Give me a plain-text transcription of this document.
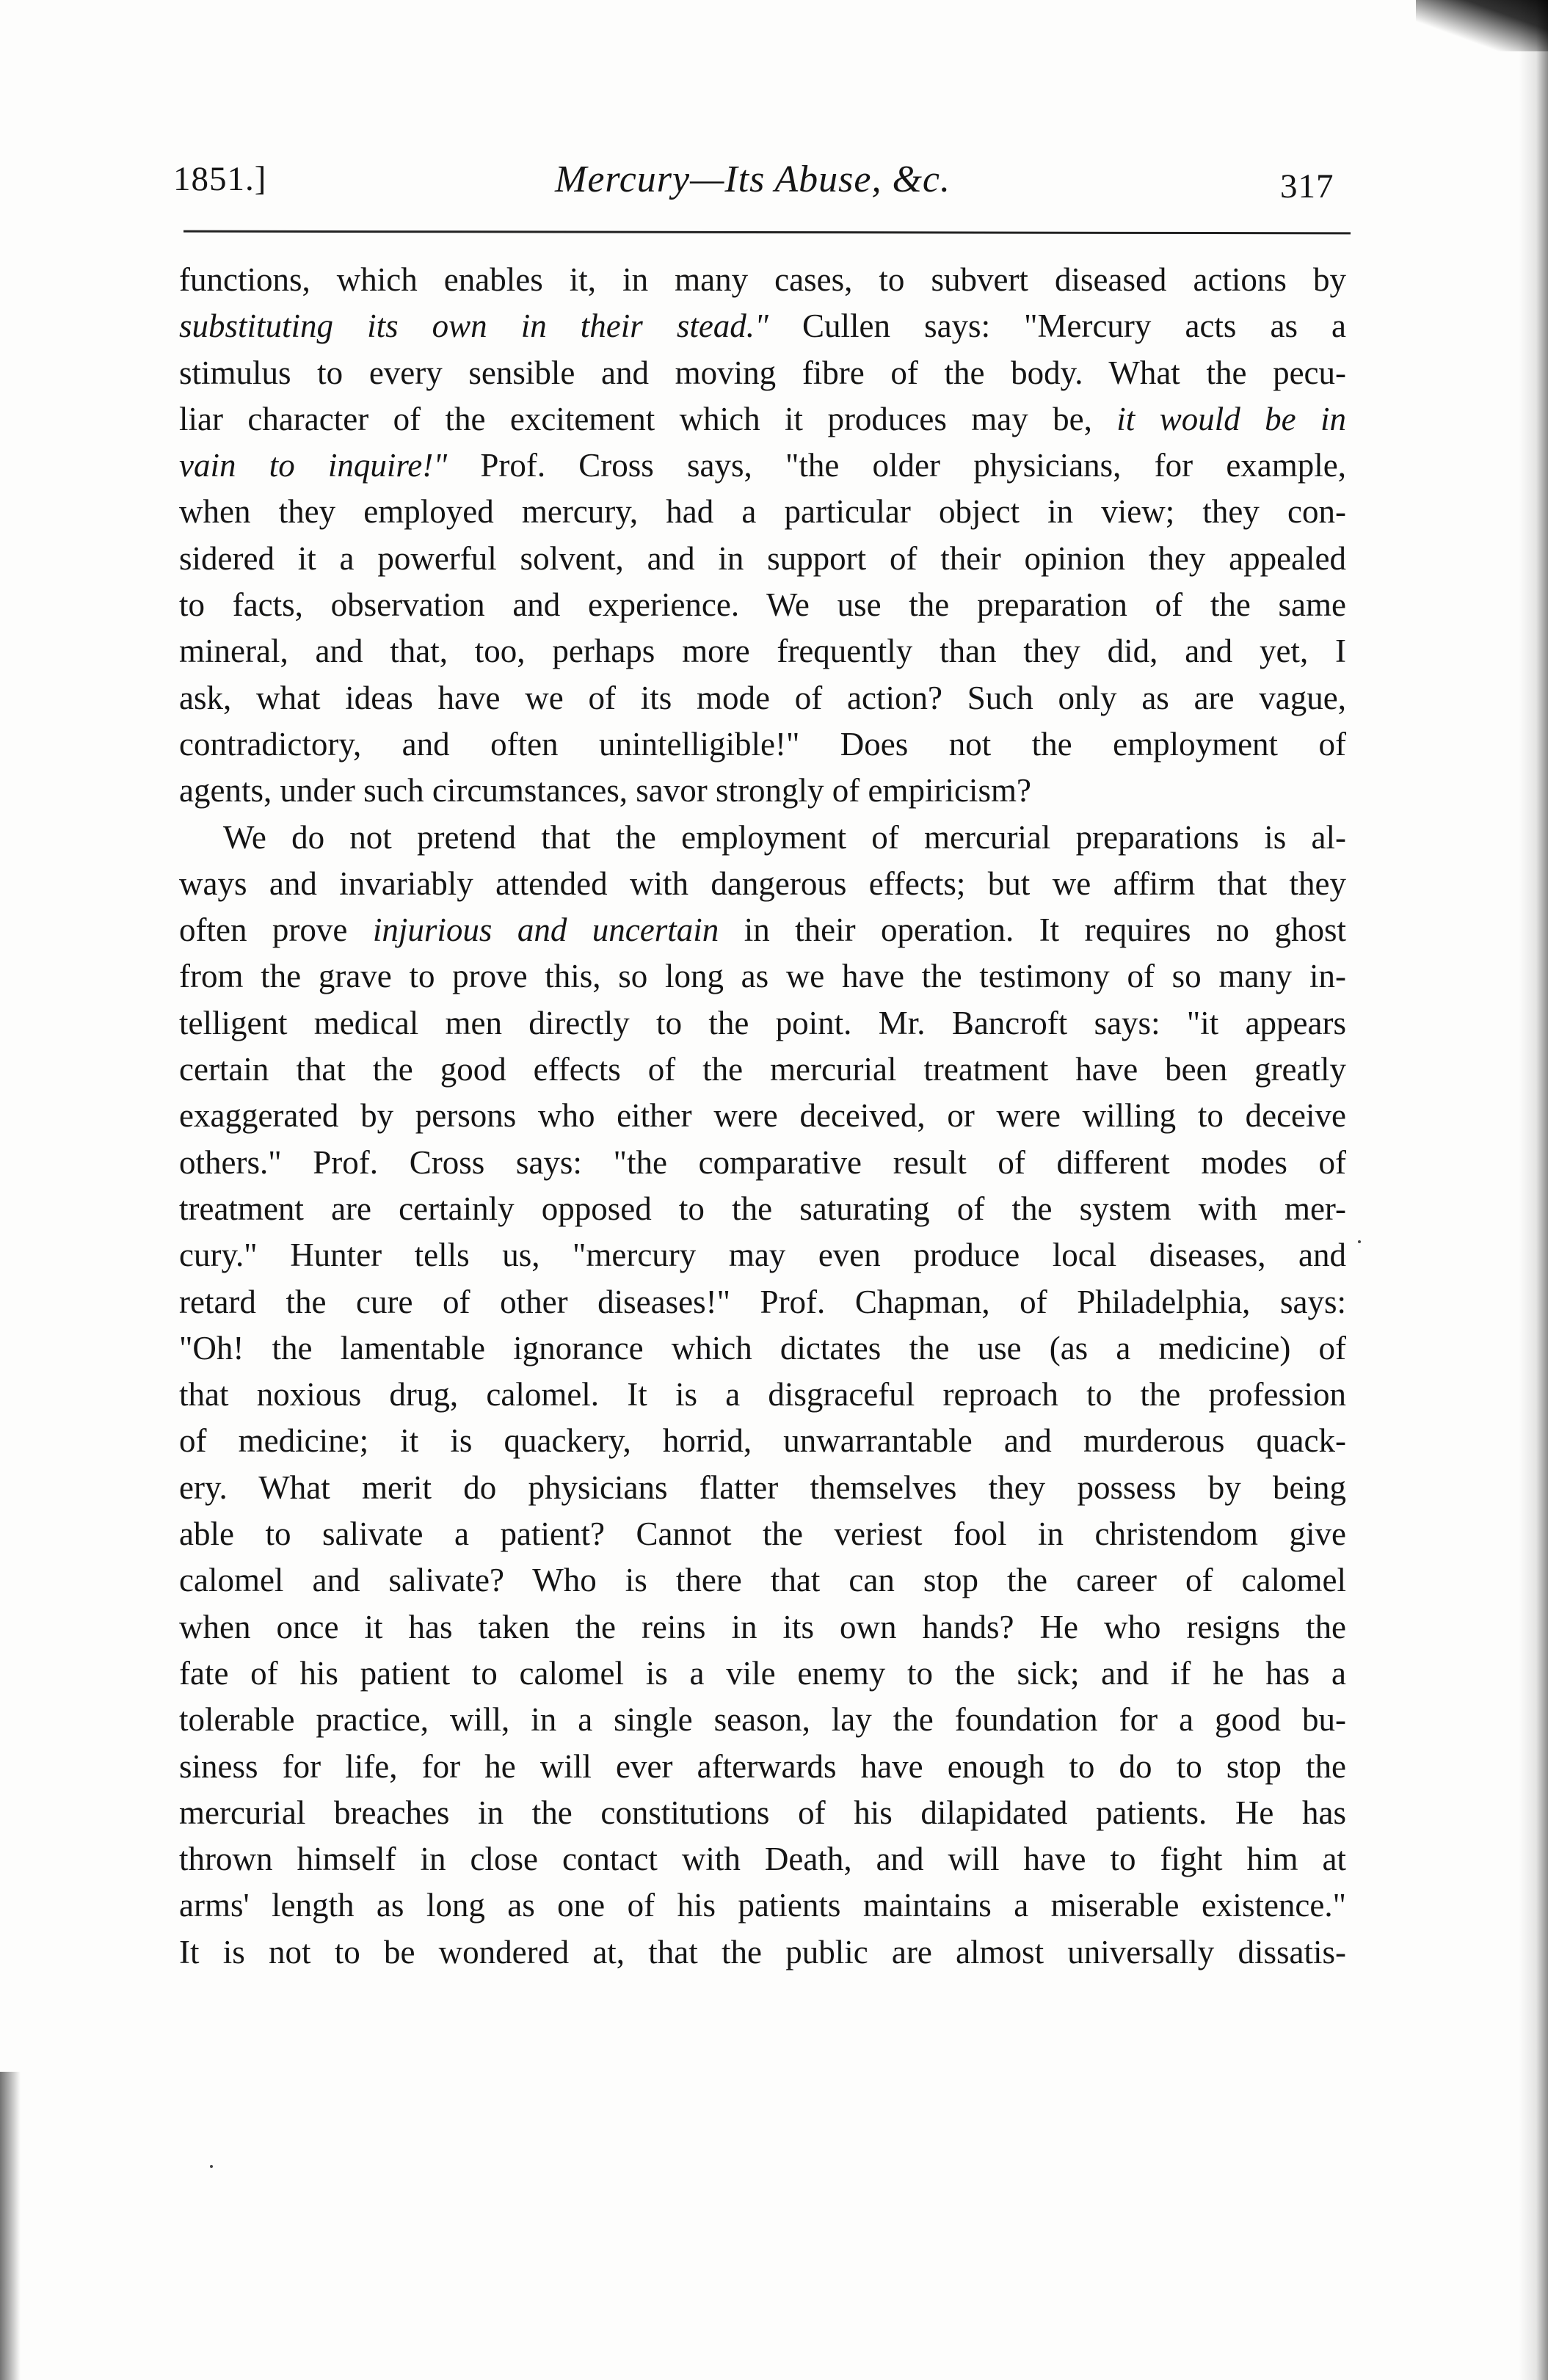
1851.]	Mercury—Its Abuse, &c.	317
functions, which enables it, in many cases, to subvert diseased actions by
substituting its own in their stead." Cullen says: "Mercury acts as a
stimulus to every sensible and moving fibre of the body. What the pecu-
liar character of the excitement which it produces may be, it would be in
vain to inquire!" Prof. Cross says, "the older physicians, for example,
when they employed mercury, had a particular object in view; they con-
sidered it a powerful solvent, and in support of their opinion they appealed
to facts, observation and experience. We use the preparation of the same
mineral, and that, too, perhaps more frequently than they did, and yet, I
ask, what ideas have we of its mode of action? Such only as are vague,
contradictory, and often unintelligible!" Does not the employment of
agents, under such circumstances, savor strongly of empiricism?
We do not pretend that the employment of mercurial preparations is al-
ways and invariably attended with dangerous effects; but we affirm that they
often prove injurious and uncertain in their operation. It requires no ghost
from the grave to prove this, so long as we have the testimony of so many in-
telligent medical men directly to the point. Mr. Bancroft says: "it appears
certain that the good effects of the mercurial treatment have been greatly
exaggerated by persons who either were deceived, or were willing to deceive
others." Prof. Cross says: "the comparative result of different modes of
treatment are certainly opposed to the saturating of the system with mer-
cury." Hunter tells us, "mercury may even produce local diseases, and
retard the cure of other diseases!" Prof. Chapman, of Philadelphia, says:
"Oh! the lamentable ignorance which dictates the use (as a medicine) of
that noxious drug, calomel. It is a disgraceful reproach to the profession
of medicine; it is quackery, horrid, unwarrantable and murderous quack-
ery. What merit do physicians flatter themselves they possess by being
able to salivate a patient? Cannot the veriest fool in christendom give
calomel and salivate? Who is there that can stop the career of calomel
when once it has taken the reins in its own hands? He who resigns the
fate of his patient to calomel is a vile enemy to the sick; and if he has a
tolerable practice, will, in a single season, lay the foundation for a good bu-
siness for life, for he will ever afterwards have enough to do to stop the
mercurial breaches in the constitutions of his dilapidated patients. He has
thrown himself in close contact with Death, and will have to fight him at
arms' length as long as one of his patients maintains a miserable existence."
It is not to be wondered at, that the public are almost universally dissatis-
